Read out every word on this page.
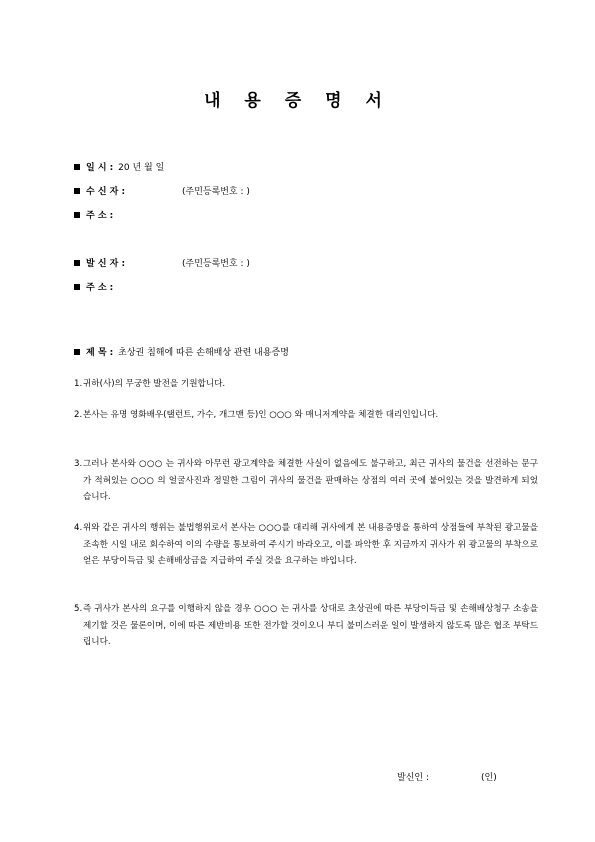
내 용 증 명 서
일 시 : 20 년 월 일
수 신 자 :	(주민등록번호 : )
주 소 :
발 신 자 :	(주민등록번호 : )
주 소 :
제 목 : 초상권 침해에 따른 손해배상 관련 내용증명
1. 귀하(사)의 무궁한 발전을 기원합니다.
2. 본사는 유명 영화배우(탤런트, 가수, 개그맨 등)인 ○○○ 와 매니저계약을 체결한 대리인입니다.
3. 그러나 본사와 ○○○ 는 귀사와 아무런 광고계약을 체결한 사실이 없음에도 불구하고, 최근 귀사의 물건을 선전하는 문구가 적혀있는 ○○○ 의 얼굴사진과 정밀한 그림이 귀사의 물건을 판매하는 상점의 여러 곳에 붙어있는 것을 발견하게 되었습니다.
4. 위와 같은 귀사의 행위는 불법행위로서 본사는 ○○○를 대리해 귀사에게 본 내용증명을 통하여 상점들에 부착된 광고물을 조속한 시일 내로 회수하여 이의 수량을 통보하여 주시기 바라오고, 이를 파악한 후 지금까지 귀사가 위 광고물의 부착으로 얻은 부당이득금 및 손해배상금을 지급하여 주실 것을 요구하는 바입니다.
5. 즉 귀사가 본사의 요구를 이행하지 않을 경우 ○○○ 는 귀사를 상대로 초상권에 따른 부당이득금 및 손해배상청구 소송을 제기할 것은 물론이며, 이에 따른 제반비용 또한 전가할 것이오니 부디 불미스러운 일이 발생하지 않도록 많은 협조 부탁드립니다.
발신인 :	(인)
